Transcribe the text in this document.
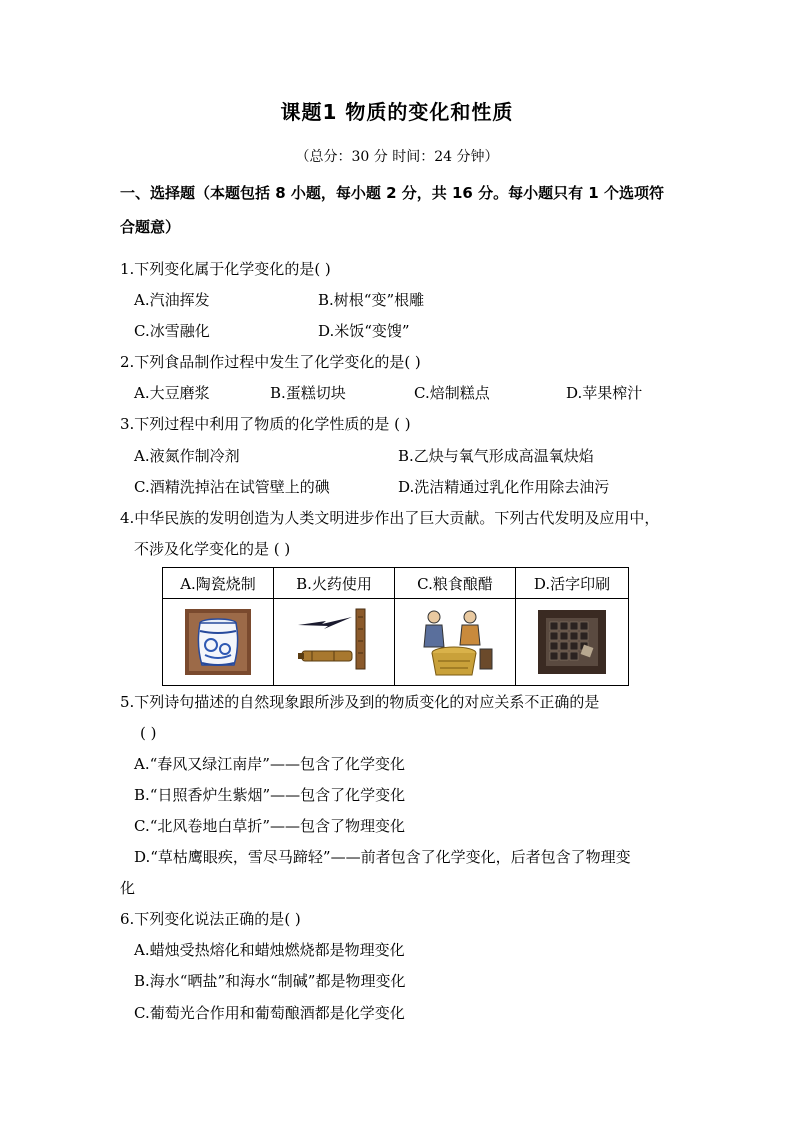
课题1 物质的变化和性质
（总分：30 分 时间：24 分钟）
一、选择题（本题包括 8 小题，每小题 2 分，共 16 分。每小题只有 1 个选项符
合题意）
1.下列变化属于化学变化的是( )
A.汽油挥发	B.树根“变”根雕
C.冰雪融化	D.米饭“变馊”
2.下列食品制作过程中发生了化学变化的是( )
A.大豆磨浆	B.蛋糕切块	C.焙制糕点	D.苹果榨汁
3.下列过程中利用了物质的化学性质的是 ( )
A.液氮作制冷剂	B.乙炔与氧气形成高温氧炔焰
C.酒精洗掉沾在试管壁上的碘	D.洗洁精通过乳化作用除去油污
4.中华民族的发明创造为人类文明进步作出了巨大贡献。下列古代发明及应用中，
不涉及化学变化的是 ( )
A.陶瓷烧制	B.火药使用	C.粮食酿醋	D.活字印刷

5.下列诗句描述的自然现象跟所涉及到的物质变化的对应关系不正确的是
( )
A.“春风又绿江南岸”——包含了化学变化
B.“日照香炉生紫烟”——包含了化学变化
C.“北风卷地白草折”——包含了物理变化
D.“草枯鹰眼疾，雪尽马蹄轻”——前者包含了化学变化，后者包含了物理变
化
6.下列变化说法正确的是( )
A.蜡烛受热熔化和蜡烛燃烧都是物理变化
B.海水“晒盐”和海水“制碱”都是物理变化
C.葡萄光合作用和葡萄酿酒都是化学变化
